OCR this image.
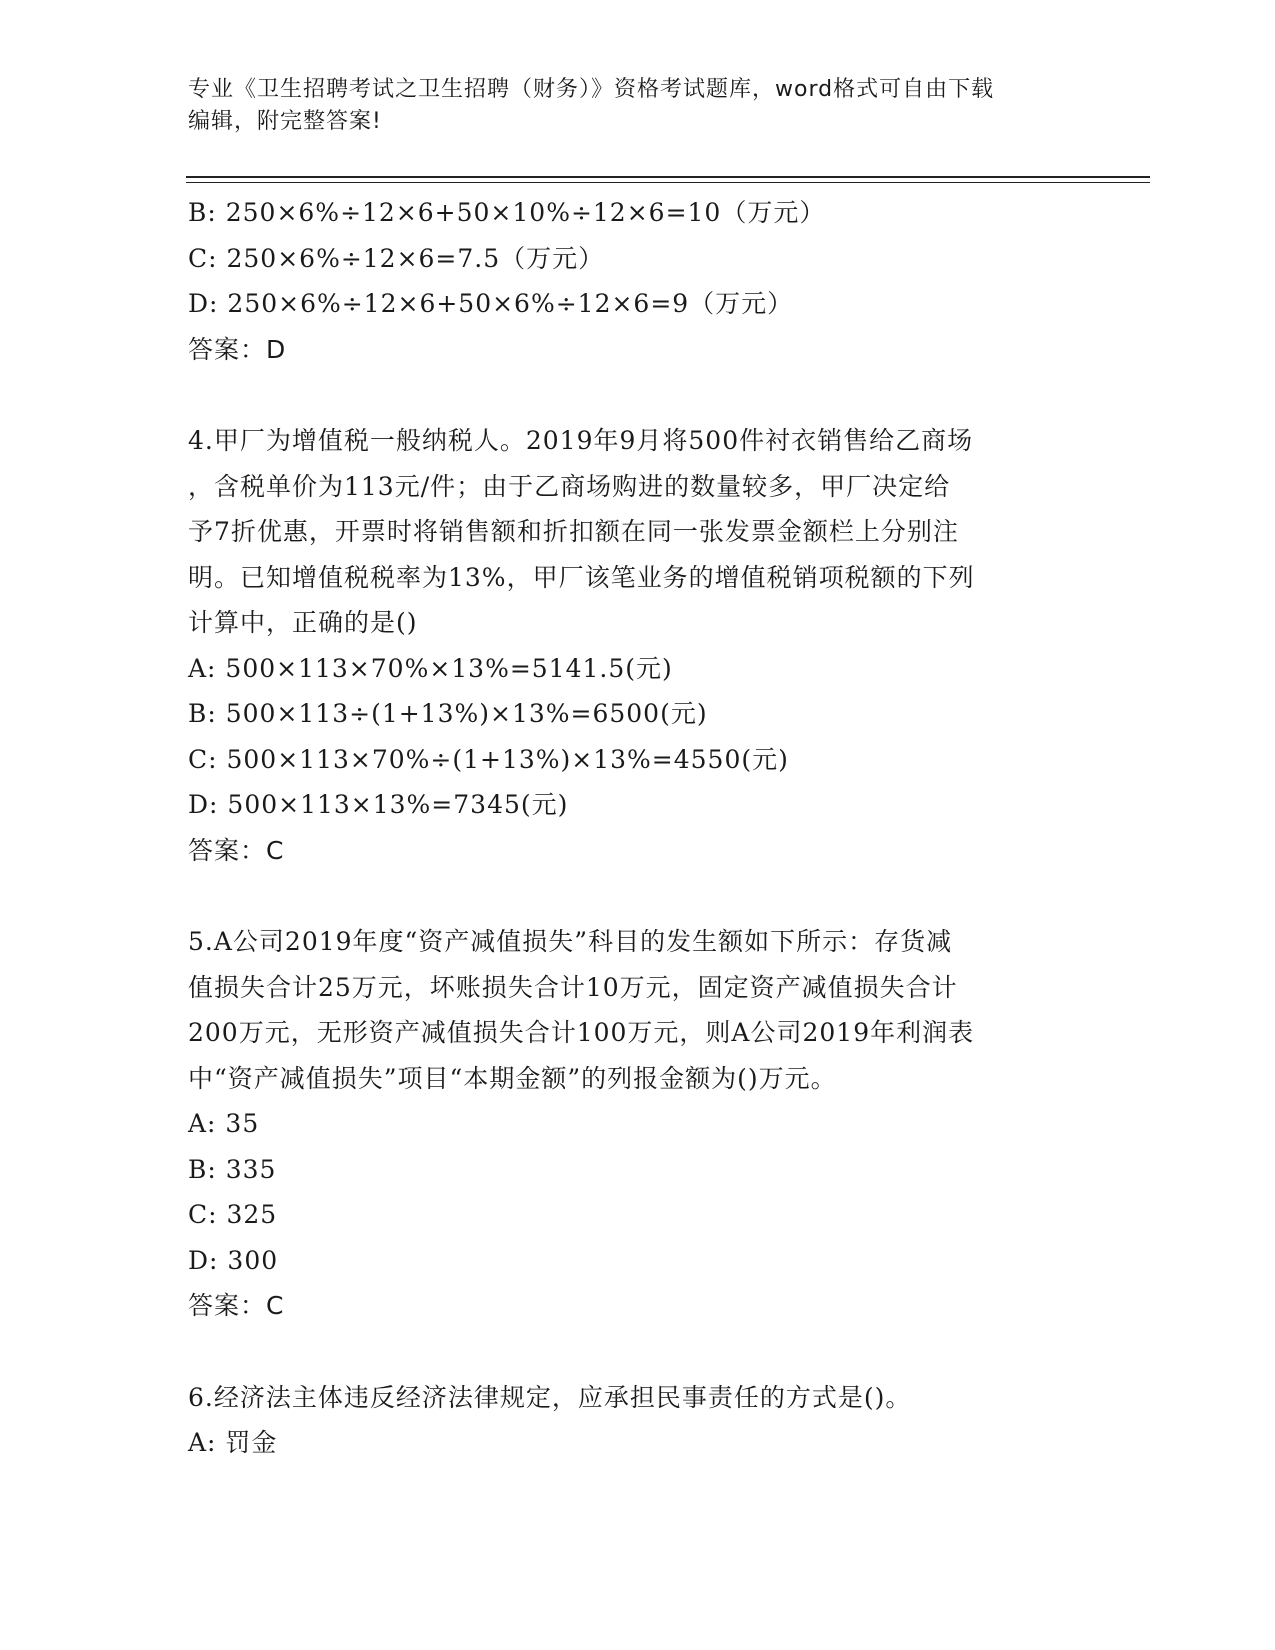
专业《卫生招聘考试之卫生招聘（财务）》资格考试题库，word格式可自由下载
编辑，附完整答案!
B: 250×6%÷12×6+50×10%÷12×6=10（万元）
C: 250×6%÷12×6=7.5（万元）
D: 250×6%÷12×6+50×6%÷12×6=9（万元）
答案：D
4.甲厂为增值税一般纳税人。2019年9月将500件衬衣销售给乙商场
，含税单价为113元/件；由于乙商场购进的数量较多，甲厂决定给
予7折优惠，开票时将销售额和折扣额在同一张发票金额栏上分别注
明。已知增值税税率为13%，甲厂该笔业务的增值税销项税额的下列
计算中，正确的是()
A: 500×113×70%×13%=5141.5(元)
B: 500×113÷(1+13%)×13%=6500(元)
C: 500×113×70%÷(1+13%)×13%=4550(元)
D: 500×113×13%=7345(元)
答案：C
5.A公司2019年度“资产减值损失”科目的发生额如下所示：存货减
值损失合计25万元，坏账损失合计10万元，固定资产减值损失合计
200万元，无形资产减值损失合计100万元，则A公司2019年利润表
中“资产减值损失”项目“本期金额”的列报金额为()万元。
A: 35
B: 335
C: 325
D: 300
答案：C
6.经济法主体违反经济法律规定，应承担民事责任的方式是()。
A: 罚金
